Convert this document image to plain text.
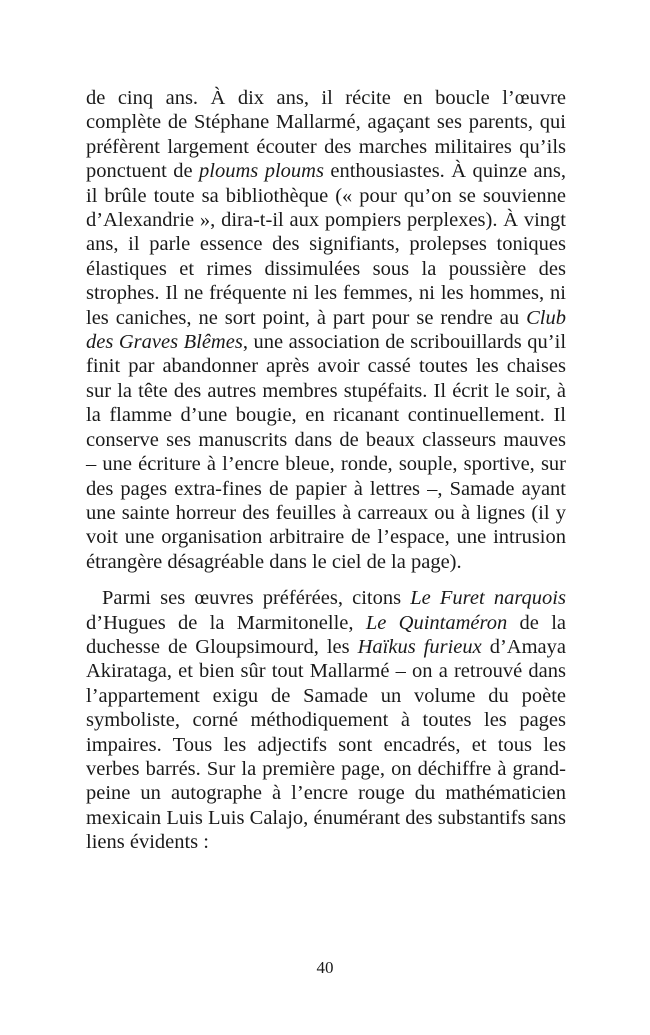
de cinq ans. À dix ans, il récite en boucle l’œuvre complète de Stéphane Mallarmé, agaçant ses parents, qui préfèrent largement écouter des marches militaires qu’ils ponctuent de ploums ploums enthousiastes. À quinze ans, il brûle toute sa bibliothèque (« pour qu’on se souvienne d’Alexandrie », dira-t-il aux pompiers perplexes). À vingt ans, il parle essence des signifiants, prolepses toniques élastiques et rimes dissimulées sous la poussière des strophes. Il ne fréquente ni les femmes, ni les hommes, ni les caniches, ne sort point, à part pour se rendre au Club des Graves Blêmes, une association de scribouillards qu’il finit par abandonner après avoir cassé toutes les chaises sur la tête des autres membres stupéfaits. Il écrit le soir, à la flamme d’une bougie, en ricanant continuellement. Il conserve ses manuscrits dans de beaux classeurs mauves – une écriture à l’encre bleue, ronde, souple, sportive, sur des pages extra-fines de papier à lettres –, Samade ayant une sainte horreur des feuilles à carreaux ou à lignes (il y voit une organisation arbitraire de l’espace, une intrusion étrangère désagréable dans le ciel de la page).

Parmi ses œuvres préférées, citons Le Furet narquois d’Hugues de la Marmitonelle, Le Quintaméron de la duchesse de Gloupsimourd, les Haïkus furieux d’Amaya Akirataga, et bien sûr tout Mallarmé – on a retrouvé dans l’appartement exigu de Samade un volume du poète symboliste, corné méthodiquement à toutes les pages impaires. Tous les adjectifs sont encadrés, et tous les verbes barrés. Sur la première page, on déchiffre à grand-peine un autographe à l’encre rouge du mathématicien mexicain Luis Luis Calajo, énumérant des substantifs sans liens évidents :

40
